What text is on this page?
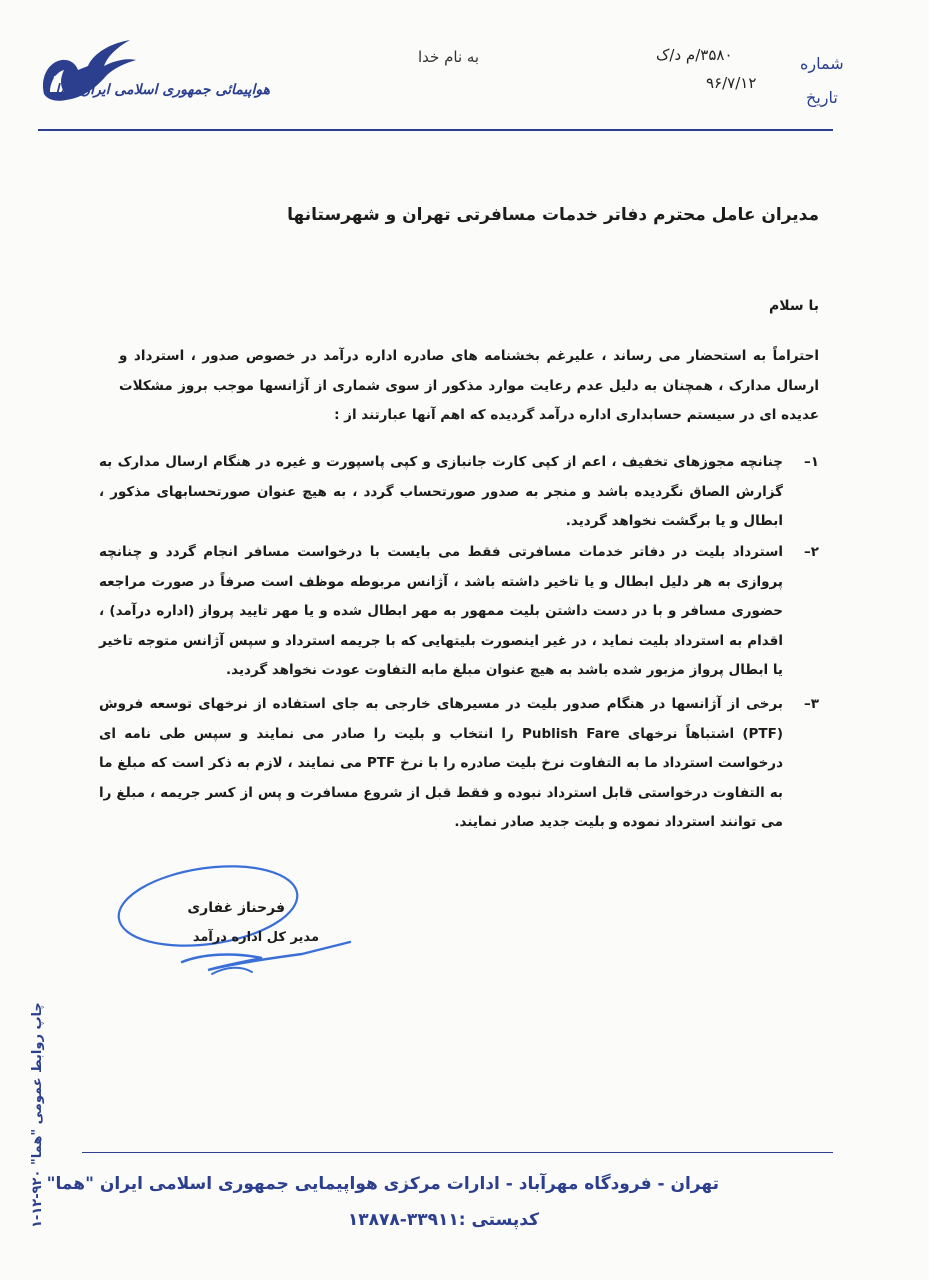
هواپیمائی جمهوری اسلامی ایران هما
به نام خدا	شماره
تاریخ
۳۵۸۰/م د/ک
۹۶/۷/۱۲
مدیران عامل محترم دفاتر خدمات مسافرتی تهران و شهرستانها
با سلام
احتراماً به استحضار می رساند ، علیرغم بخشنامه های صادره اداره درآمد در خصوص صدور ، استرداد و ارسال مدارک ، همچنان به دلیل عدم رعایت موارد مذکور از سوی شماری از آژانسها موجب بروز مشکلات عدیده ای در سیستم حسابداری اداره درآمد گردیده که اهم آنها عبارتند از :
۱–
چنانچه مجوزهای تخفیف ، اعم از کپی کارت جانبازی و کپی پاسپورت و غیره در هنگام ارسال مدارک به گزارش الصاق نگردیده باشد و منجر به صدور صورتحساب گردد ، به هیچ عنوان صورتحسابهای مذکور ، ابطال و یا برگشت نخواهد گردید.
۲–
استرداد بلیت در دفاتر خدمات مسافرتی فقط می بایست با درخواست مسافر انجام گردد و چنانچه پروازی به هر دلیل ابطال و یا تاخیر داشته باشد ، آژانس مربوطه موظف است صرفاً در صورت مراجعه حضوری مسافر و با در دست داشتن بلیت ممهور به مهر ابطال شده و یا مهر تایید پرواز (اداره درآمد) ، اقدام به استرداد بلیت نماید ، در غیر اینصورت بلیتهایی که با جریمه استرداد و سپس آژانس متوجه تاخیر یا ابطال پرواز مزبور شده باشد به هیچ عنوان مبلغ مابه التفاوت عودت نخواهد گردید.
۳–
برخی از آژانسها در هنگام صدور بلیت در مسیرهای خارجی به جای استفاده از نرخهای توسعه فروش (PTF) اشتباهاً نرخهای Publish Fare را انتخاب و بلیت را صادر می نمایند و سپس طی نامه ای درخواست استرداد ما به التفاوت نرخ بلیت صادره را با نرخ PTF می نمایند ، لازم به ذکر است که مبلغ ما به التفاوت درخواستی قابل استرداد نبوده و فقط قبل از شروع مسافرت و پس از کسر جریمه ، مبلغ را می توانند استرداد نموده و بلیت جدید صادر نمایند.
فرحناز غفاری
مدیر کل اداره درآمد
چاپ روابط عمومی "هما" ۹۲۰-۱۲-۱
تهران - فرودگاه مهرآباد - ادارات مرکزی هواپیمایی جمهوری اسلامی ایران "هما"
کدپستی :۳۳۹۱۱-۱۳۸۷۸
